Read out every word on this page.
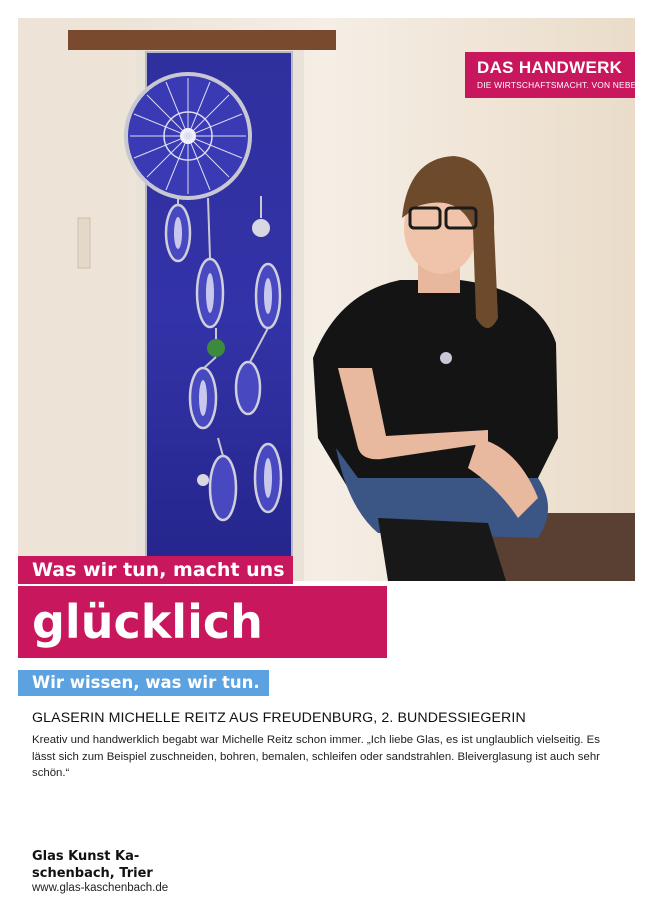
DAS HANDWERK
DIE WIRTSCHAFTSMACHT. VON NEBENAN.
Was wir tun, macht uns
glücklich
Wir wissen, was wir tun.
GLASERIN MICHELLE REITZ AUS FREUDENBURG, 2. BUNDESSIEGERIN
Kreativ und handwerklich begabt war Michelle Reitz schon immer. „Ich liebe Glas, es ist unglaublich vielseitig. Es lässt sich zum Beispiel zuschneiden, bohren, bemalen, schleifen oder sandstrahlen. Bleiverglasung ist auch sehr schön.“
Glas Kunst Ka-schenbach, Trier
www.glas-kaschenbach.de
